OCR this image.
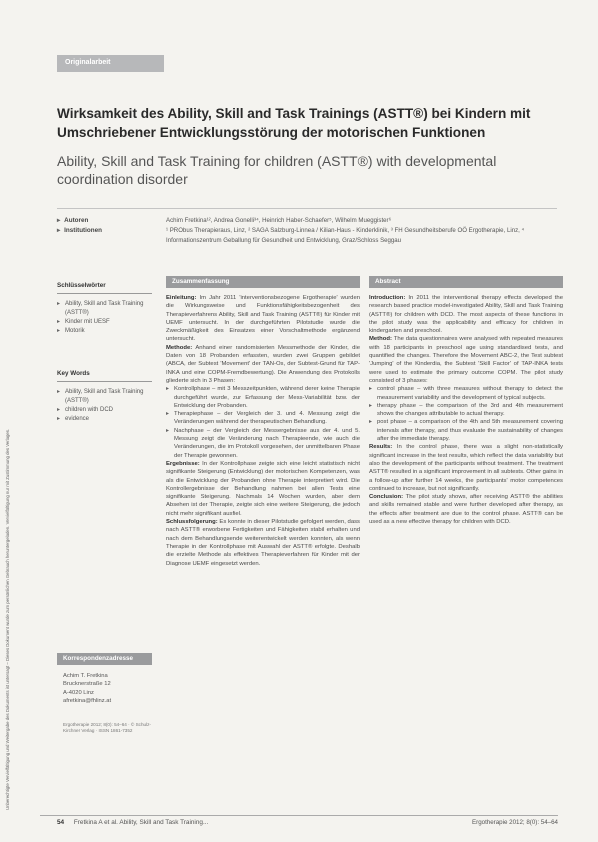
Unberechtigte Vervielfältigung und Weitergabe des Dokuments ist untersagt – Dieses Dokument wurde zum persönlichen Gebrauch heruntergeladen. Vervielfältigung nur mit Zustimmung des Verlages.
Originalarbeit
Wirksamkeit des Ability, Skill and Task Trainings (ASTT®) bei Kindern mit Umschriebener Entwicklungsstörung der motorischen Funktionen
Ability, Skill and Task Training for children (ASTT®) with developmental coordination disorder
▸ Autoren
▸ Institutionen
Achim Fretkina¹², Andrea Gonelli³⁴, Heinrich Haber-Schaefer⁵, Wilhelm Mueggister⁶
¹ PRObus Therapieraus, Linz, ² SAGA Salzburg-Linnea / Kilian-Haus - Kinderklinik, ³ FH Gesundheitsberufe OÖ Ergotherapie, Linz, ⁴ Informationszentrum Geballung für Gesundheit und Entwicklung, Graz/Schloss Seggau
Schlüsselwörter
▸ Ability, Skill and Task Training (ASTT®)
▸ Kinder mit UESF
▸ Motorik
Key Words
▸ Ability, Skill and Task Training (ASTT®)
▸ children with DCD
▸ evidence
Korrespondenzadresse
Achim T. Fretkina
Brucknerstraße 12
A-4020 Linz
afretkina@fhlinz.at
Ergotherapie 2012; 8(0): 54–64 · © Schulz-Kirchner Verlag · ISSN 1861-7352
Zusammenfassung

Einleitung: Im Jahr 2011 'interventionsbezogene Ergotherapie' wurden die Wirkungsweise und Funktionsfähigkeitsbezogenheit des Therapieverfahrens Ability, Skill and Task Training (ASTT®) für Kinder mit UEMF untersucht. In der durchgeführten Pilotstudie wurde die Zweckmäßigkeit des Einsatzes einer Vorschaltmethode ergänzend untersucht.

Methode: Anhand einer randomisierten Messmethode der Kinder, die Daten von 18 Probanden erfassten, wurden zwei Gruppen gebildet (ABCA, der Subtest 'Movement' der TAN-Os, der Subtest-Grund für TAP-INKA und eine COPM-Fremdbewertung). Die Anwendung des Protokolls gliederte sich in 3 Phasen:

▸ Kontrollphase – mit 3 Messzeitpunkten, während derer keine Therapie durchgeführt wurde, zur Erfassung der Mess-Variabilität bzw. der Entwicklung der Probanden.
▸ Therapiephase – der Vergleich der 3. und 4. Messung zeigt die Veränderungen während der therapeutischen Behandlung.
▸ Nachphase – der Vergleich der Messergebnisse aus der 4. und 5. Messung zeigt die Veränderung nach Therapieende, wie auch die Veränderungen, die im Protokoll vorgesehen, der unmittelbaren Phase der Therapie gewonnen.

Ergebnisse: In der Kontrollphase zeigte sich eine leicht statistisch nicht signifikante Steigerung (Entwicklung) der motorischen Kompetenzen, was als die Entwicklung der Probanden ohne Therapie interpretiert wird. Die Kontrollergebnisse der Behandlung nahmen bei allen Tests eine signifikante Steigerung. Nachmals 14 Wochen wurden, aber dem Absehen ist der Therapie, zeigte sich eine weitere Steigerung, die jedoch nicht mehr signifikant ausfiel.

Schlussfolgerung: Es konnte in dieser Pilotstudie gefolgert werden, dass nach ASTT® erworbene Fertigkeiten und Fähigkeiten stabil erhalten und nach dem Behandlungsende weiterentwickelt werden konnten, als wenn Therapie in der Kontrollphase mit Auswahl der ASTT® erfolgte. Deshalb die erzielte Methode als effektives Therapieverfahren für Kinder mit der Diagnose UEMF eingesetzt werden.

Abstract

Introduction: In 2011 the interventional therapy effects developed the research based practice model-investigated Ability, Skill and Task Training (ASTT®) for children with DCD. The most aspects of these functions in the pilot study was the applicability and efficacy for children in kindergarten and preschool.

Method: The data questionnaires were analysed with repeated measures with 18 participants in preschool age using standardised tests, and quantified the changes. Therefore the Movement ABC-2, the Test subtest 'Jumping' of the Kinderdia, the Subtest 'Skill Factor' of TAP-INKA tests were used to estimate the primary outcome COPM. The pilot study consisted of 3 phases:

▸ control phase – with three measures without therapy to detect the measurement variability and the development of typical subjects.
▸ therapy phase – the comparison of the 3rd and 4th measurement shows the changes attributable to actual therapy.
▸ post phase – a comparison of the 4th and 5th measurement covering intervals after therapy, and thus evaluate the sustainability of changes after the immediate therapy.

Results: In the control phase, there was a slight non-statistically significant increase in the test results, which reflect the data variability but also the development of the participants without treatment. The treatment ASTT® resulted in a significant improvement in all subtests. Other gains in a follow-up after further 14 weeks, the participants' motor competences continued to increase, but not significantly.

Conclusion: The pilot study shows, after receiving ASTT® the abilities and skills remained stable and were further developed after therapy, as the effects after treatment are due to the control phase. ASTT® can be used as a new effective therapy for children with DCD.

54 Fretkina A et al. Ability, Skill and Task Training...	Ergotherapie 2012; 8(0): 54–64
